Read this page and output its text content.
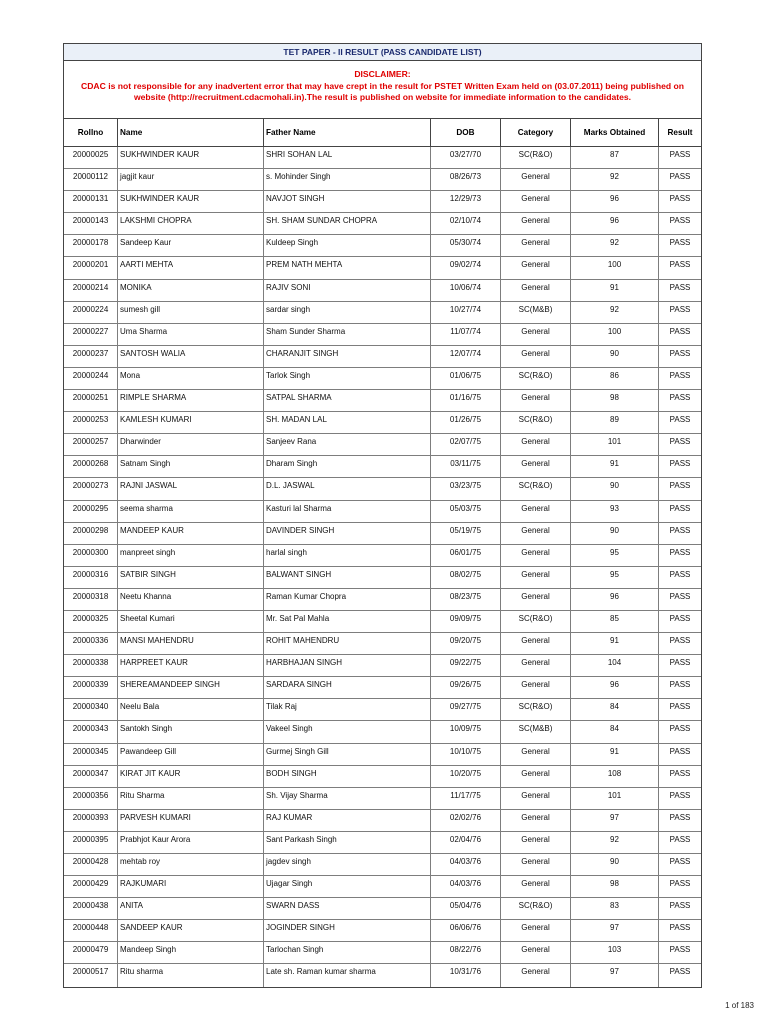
TET PAPER - II RESULT (PASS CANDIDATE LIST)
DISCLAIMER:
CDAC is not responsible for any inadvertent error that may have crept in the result for PSTET Written Exam held on (03.07.2011) being published on website (http://recruitment.cdacmohali.in).The result is published on website for immediate information to the candidates.
Rollno	Name	Father Name	DOB	Category	Marks Obtained	Result
20000025	SUKHWINDER KAUR	SHRI SOHAN LAL	03/27/70	SC(R&O)	87	PASS
20000112	jagjit kaur	s. Mohinder Singh	08/26/73	General	92	PASS
20000131	SUKHWINDER KAUR	NAVJOT SINGH	12/29/73	General	96	PASS
20000143	LAKSHMI CHOPRA	SH. SHAM SUNDAR CHOPRA	02/10/74	General	96	PASS
20000178	Sandeep Kaur	Kuldeep Singh	05/30/74	General	92	PASS
20000201	AARTI MEHTA	PREM NATH MEHTA	09/02/74	General	100	PASS
20000214	MONIKA	RAJIV SONI	10/06/74	General	91	PASS
20000224	sumesh gill	sardar singh	10/27/74	SC(M&B)	92	PASS
20000227	Uma Sharma	Sham Sunder Sharma	11/07/74	General	100	PASS
20000237	SANTOSH WALIA	CHARANJIT SINGH	12/07/74	General	90	PASS
20000244	Mona	Tarlok Singh	01/06/75	SC(R&O)	86	PASS
20000251	RIMPLE SHARMA	SATPAL SHARMA	01/16/75	General	98	PASS
20000253	KAMLESH KUMARI	SH. MADAN LAL	01/26/75	SC(R&O)	89	PASS
20000257	Dharwinder	Sanjeev Rana	02/07/75	General	101	PASS
20000268	Satnam Singh	Dharam Singh	03/11/75	General	91	PASS
20000273	RAJNI JASWAL	D.L. JASWAL	03/23/75	SC(R&O)	90	PASS
20000295	seema sharma	Kasturi lal Sharma	05/03/75	General	93	PASS
20000298	MANDEEP KAUR	DAVINDER SINGH	05/19/75	General	90	PASS
20000300	manpreet singh	harlal singh	06/01/75	General	95	PASS
20000316	SATBIR SINGH	BALWANT SINGH	08/02/75	General	95	PASS
20000318	Neetu Khanna	Raman Kumar Chopra	08/23/75	General	96	PASS
20000325	Sheetal Kumari	Mr. Sat Pal Mahla	09/09/75	SC(R&O)	85	PASS
20000336	MANSI MAHENDRU	ROHIT MAHENDRU	09/20/75	General	91	PASS
20000338	HARPREET KAUR	HARBHAJAN SINGH	09/22/75	General	104	PASS
20000339	SHEREAMANDEEP SINGH	SARDARA SINGH	09/26/75	General	96	PASS
20000340	Neelu Bala	Tilak Raj	09/27/75	SC(R&O)	84	PASS
20000343	Santokh Singh	Vakeel Singh	10/09/75	SC(M&B)	84	PASS
20000345	Pawandeep Gill	Gurmej Singh Gill	10/10/75	General	91	PASS
20000347	KIRAT JIT KAUR	BODH SINGH	10/20/75	General	108	PASS
20000356	Ritu Sharma	Sh. Vijay Sharma	11/17/75	General	101	PASS
20000393	PARVESH KUMARI	RAJ KUMAR	02/02/76	General	97	PASS
20000395	Prabhjot Kaur Arora	Sant Parkash Singh	02/04/76	General	92	PASS
20000428	mehtab roy	jagdev singh	04/03/76	General	90	PASS
20000429	RAJKUMARI	Ujagar Singh	04/03/76	General	98	PASS
20000438	ANITA	SWARN DASS	05/04/76	SC(R&O)	83	PASS
20000448	SANDEEP KAUR	JOGINDER SINGH	06/06/76	General	97	PASS
20000479	Mandeep Singh	Tarlochan Singh	08/22/76	General	103	PASS
20000517	Ritu sharma	Late sh. Raman kumar sharma	10/31/76	General	97	PASS
1 of 183
